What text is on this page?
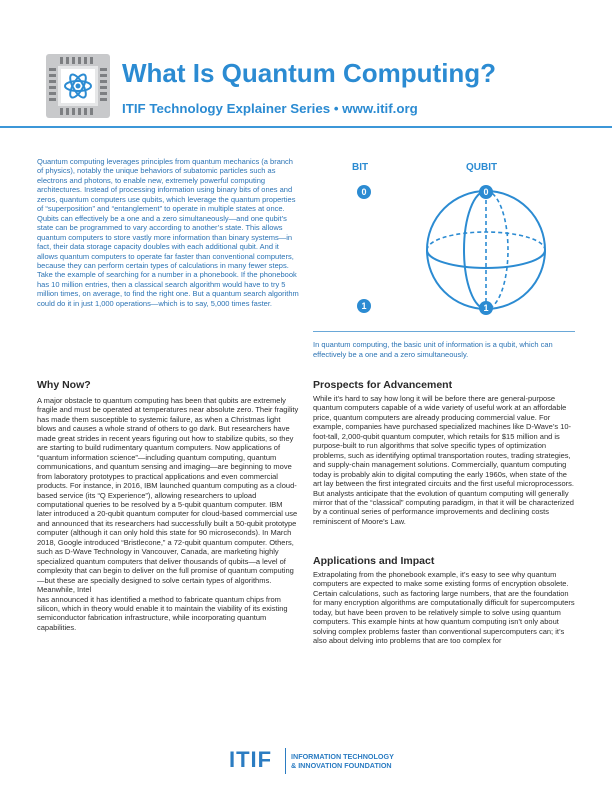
What Is Quantum Computing?
ITIF Technology Explainer Series • www.itif.org

Quantum computing leverages principles from quantum mechanics (a branch of physics), notably the unique behaviors of subatomic particles such as electrons and photons, to enable new, extremely powerful computing architectures. Instead of processing information using binary bits of ones and zeros, quantum computers use qubits, which leverage the quantum properties of “superposition” and “entanglement” to operate in multiple states at once. Qubits can effectively be a one and a zero simultaneously—and one qubit’s state can be programmed to vary according to another’s state. This allows quantum computers to store vastly more information than binary systems—in fact, their data storage capacity doubles with each additional qubit. And it allows quantum computers to operate far faster than conventional computers, because they can perform certain types of calculations in many fewer steps. Take the example of searching for a number in a phonebook. If the phonebook has 10 million entries, then a classical search algorithm would have to try 5 million times, on average, to find the right one. But a quantum search algorithm could do it in just 1,000 operations—which is to say, 5,000 times faster.

BIT	QUBIT
0
1
0
1
In quantum computing, the basic unit of information is a qubit, which can effectively be a one and a zero simultaneously.
Why Now?

A major obstacle to quantum computing has been that qubits are extremely fragile and must be operated at temperatures near absolute zero. Their fragility has made them susceptible to systemic failure, as when a Christmas light blows and causes a whole strand of others to go dark. But researchers have made great strides in recent years figuring out how to stabilize qubits, so they are starting to build rudimentary quantum computers. Now applications of “quantum information science”—including quantum computing, quantum communications, and quantum sensing and imaging—are beginning to move from laboratory prototypes to practical applications and even commercial products. For instance, in 2016, IBM launched quantum computing as a cloud-based service (its “Q Experience”), allowing researchers to upload computational queries to be resolved by a 5-qubit quantum computer. IBM later introduced a 20-qubit quantum computer for cloud-based commercial use and announced that its researchers had successfully built a 50-qubit prototype computer (although it can only hold this state for 90 microseconds). In March 2018, Google introduced “Bristlecone,” a 72-qubit quantum computer. Others, such as D-Wave Technology in Vancouver, Canada, are marketing highly specialized quantum computers that deliver thousands of qubits—a level of complexity that can begin to deliver on the full promise of quantum computing—but these are specially designed to solve certain types of algorithms. Meanwhile, Intel

has announced it has identified a method to fabricate quantum chips from silicon, which in theory would enable it to maintain the viability of its existing semiconductor fabrication infrastructure, while incorporating quantum capabilities.

Prospects for Advancement
While it’s hard to say how long it will be before there are general-purpose quantum computers capable of a wide variety of useful work at an affordable price, quantum computers are already producing commercial value. For example, companies have purchased specialized machines like D-Wave’s 10-foot-tall, 2,000-qubit quantum computer, which retails for $15 million and is purpose-built to run algorithms that solve specific types of optimization problems, such as identifying optimal transportation routes, trading strategies, and supply-chain management solutions. Commercially, quantum computing today is probably akin to digital computing the early 1960s, when state of the art lay between the first integrated circuits and the first useful microprocessors. But analysts anticipate that the evolution of quantum computing will generally mirror that of the “classical” computing paradigm, in that it will be characterized by a continual series of performance improvements and declining costs reminiscent of Moore’s Law.
Applications and Impact
Extrapolating from the phonebook example, it’s easy to see why quantum computers are expected to make some existing forms of encryption obsolete. Certain calculations, such as factoring large numbers, that are the foundation for many encryption algorithms are computationally difficult for supercomputers today, but have been proven to be relatively simple to solve using quantum computers. This example hints at how quantum computing isn’t only about solving complex problems faster than conventional supercomputers can; it’s also about delving into problems that are too complex for
ITIF	INFORMATION TECHNOLOGY
& INNOVATION FOUNDATION
